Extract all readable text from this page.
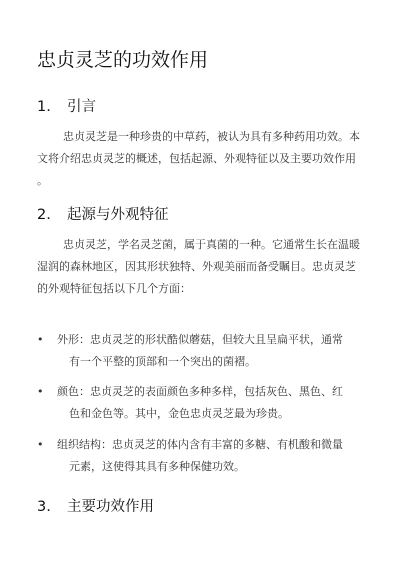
忠贞灵芝的功效作用
1. 引言
忠贞灵芝是一种珍贵的中草药，被认为具有多种药用功效。本
文将介绍忠贞灵芝的概述，包括起源、外观特征以及主要功效作用
。
2. 起源与外观特征
忠贞灵芝，学名灵芝菌，属于真菌的一种。它通常生长在温暖
湿润的森林地区，因其形状独特、外观美丽而备受瞩目。忠贞灵芝
的外观特征包括以下几个方面：
•	外形：忠贞灵芝的形状酷似蘑菇，但较大且呈扁平状，通常
有一个平整的顶部和一个突出的菌褶。
•	颜色：忠贞灵芝的表面颜色多种多样，包括灰色、黑色、红
色和金色等。其中，金色忠贞灵芝最为珍贵。
•	组织结构：忠贞灵芝的体内含有丰富的多糖、有机酸和微量
元素，这使得其具有多种保健功效。
3. 主要功效作用
